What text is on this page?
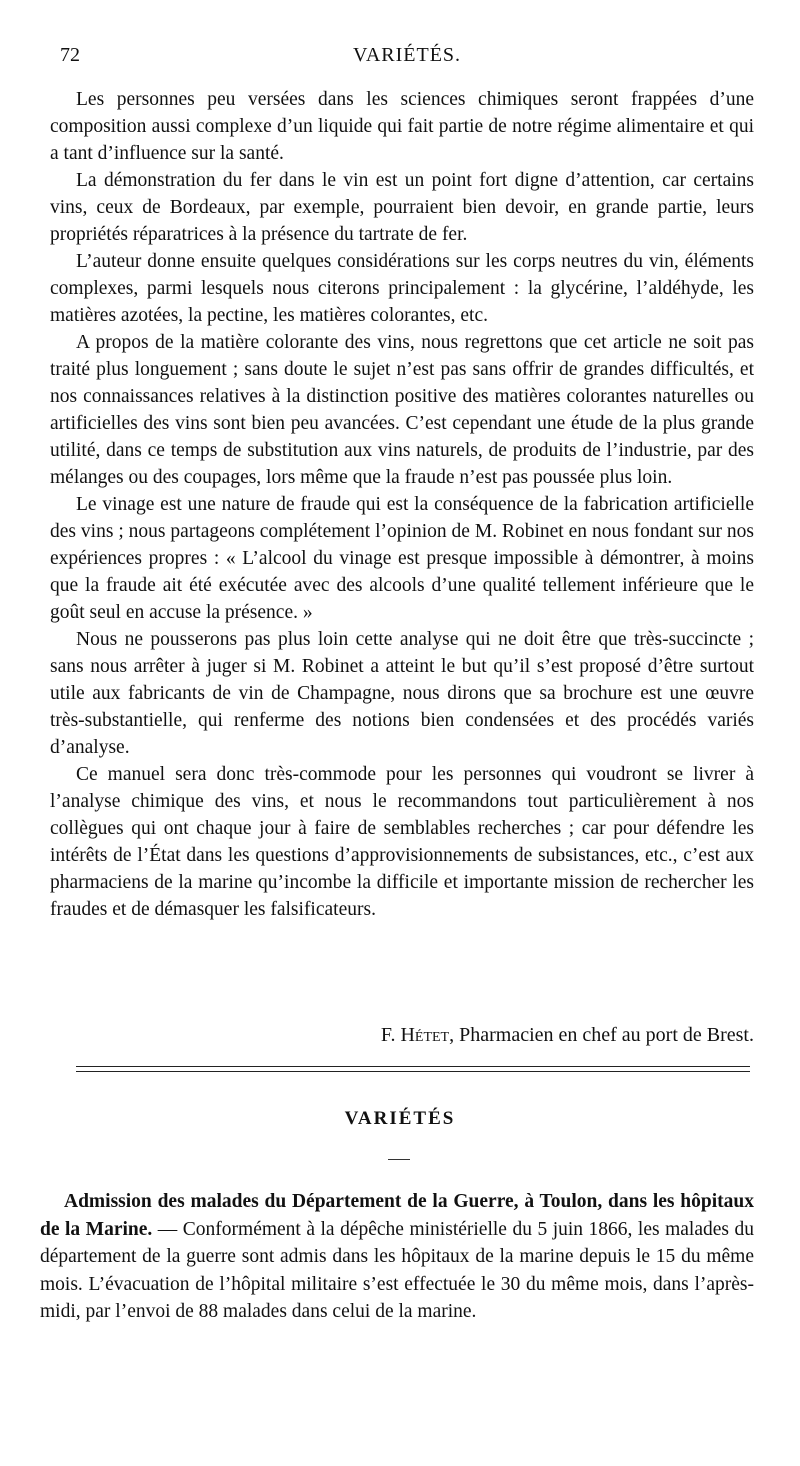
72	VARIÉTÉS.

Les personnes peu versées dans les sciences chimiques seront frappées d’une composition aussi complexe d’un liquide qui fait partie de notre régime alimentaire et qui a tant d’influence sur la santé.

La démonstration du fer dans le vin est un point fort digne d’attention, car certains vins, ceux de Bordeaux, par exemple, pourraient bien devoir, en grande partie, leurs propriétés réparatrices à la présence du tartrate de fer.

L’auteur donne ensuite quelques considérations sur les corps neutres du vin, éléments complexes, parmi lesquels nous citerons principalement : la glycérine, l’aldéhyde, les matières azotées, la pectine, les matières colorantes, etc.

A propos de la matière colorante des vins, nous regrettons que cet article ne soit pas traité plus longuement ; sans doute le sujet n’est pas sans offrir de grandes difficultés, et nos connaissances relatives à la distinction positive des matières colorantes naturelles ou artificielles des vins sont bien peu avancées. C’est cependant une étude de la plus grande utilité, dans ce temps de substitution aux vins naturels, de produits de l’industrie, par des mélanges ou des coupages, lors même que la fraude n’est pas poussée plus loin.

Le vinage est une nature de fraude qui est la conséquence de la fabrication artificielle des vins ; nous partageons complétement l’opinion de M. Robinet en nous fondant sur nos expériences propres : « L’alcool du vinage est presque impossible à démontrer, à moins que la fraude ait été exécutée avec des alcools d’une qualité tellement inférieure que le goût seul en accuse la présence. »

Nous ne pousserons pas plus loin cette analyse qui ne doit être que très-succincte ; sans nous arrêter à juger si M. Robinet a atteint le but qu’il s’est proposé d’être surtout utile aux fabricants de vin de Champagne, nous dirons que sa brochure est une œuvre très-substantielle, qui renferme des notions bien condensées et des procédés variés d’analyse.

Ce manuel sera donc très-commode pour les personnes qui voudront se livrer à l’analyse chimique des vins, et nous le recommandons tout particulièrement à nos collègues qui ont chaque jour à faire de semblables recherches ; car pour défendre les intérêts de l’État dans les questions d’approvisionnements de subsistances, etc., c’est aux pharmaciens de la marine qu’incombe la difficile et importante mission de rechercher les fraudes et de démasquer les falsificateurs.

F. Hétet, Pharmacien en chef au port de Brest.
VARIÉTÉS

Admission des malades du Département de la Guerre, à Toulon, dans les hôpitaux de la Marine. — Conformément à la dépêche ministérielle du 5 juin 1866, les malades du département de la guerre sont admis dans les hôpitaux de la marine depuis le 15 du même mois. L’évacuation de l’hôpital militaire s’est effectuée le 30 du même mois, dans l’après-midi, par l’envoi de 88 malades dans celui de la marine.
